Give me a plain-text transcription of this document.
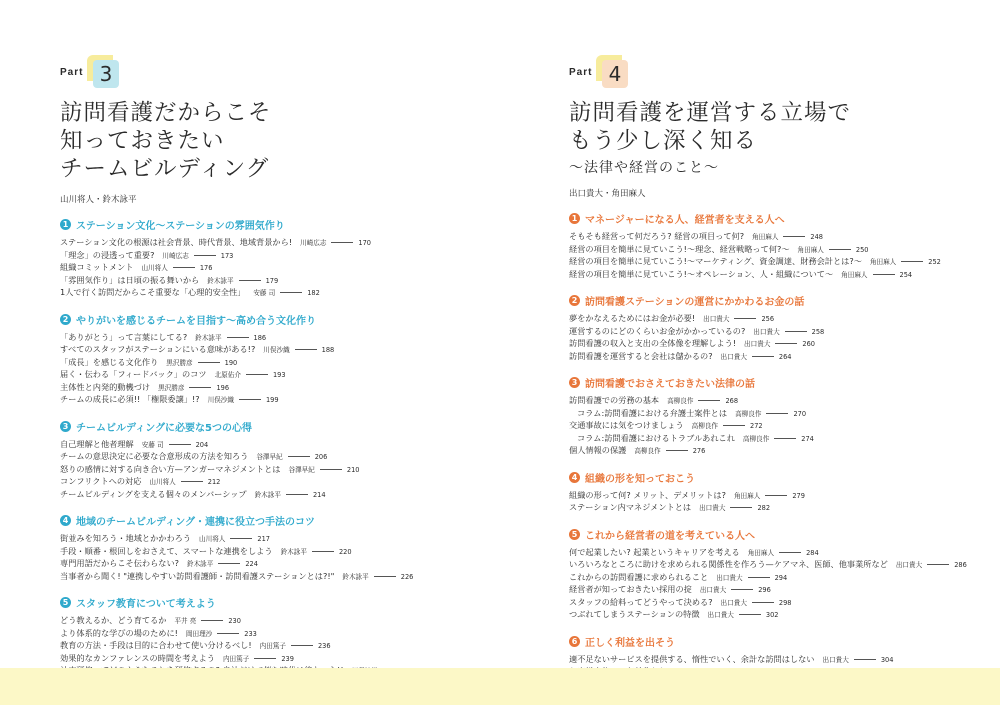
Part 3
訪問看護だからこそ
知っておきたい
チームビルディング
山川将人・鈴木詠平
1 ステーション文化〜ステーションの雰囲気作り
ステーション文化の根源は社会背景、時代背景、地域背景から! 川崎広志	170
「理念」の浸透って重要? 川崎広志	173
組織コミットメント 山川将人	176
「雰囲気作り」は日頃の振る舞いから 鈴木詠平	179
1人で行く訪問だからこそ重要な「心理的安全性」 安藤 司	182
2 やりがいを感じるチームを目指す〜高め合う文化作り
「ありがとう」って言葉にしてる? 鈴木詠平	186
すべてのスタッフがステーションにいる意味がある!? 川俣沙織	188
「成長」を感じる文化作り 黒沢勝彦	190
届く・伝わる「フィードバック」のコツ 北原佑介	193
主体性と内発的動機づけ 黒沢勝彦	196
チームの成長に必須!! 「権限委譲」!? 川俣沙織	199
3 チームビルディングに必要な5つの心得
自己理解と他者理解 安藤 司	204
チームの意思決定に必要な合意形成の方法を知ろう 谷澤早紀	206
怒りの感情に対する向き合い方—アンガーマネジメントとは 谷澤早紀	210
コンフリクトへの対応 山川将人	212
チームビルディングを支える個々のメンバーシップ 鈴木詠平	214
4 地域のチームビルディング・連携に役立つ手法のコツ
街並みを知ろう・地域とかかわろう 山川将人	217
手段・順番・根回しをおさえて、スマートな連携をしよう 鈴木詠平	220
専門用語だからこそ伝わらない? 鈴木詠平	224
当事者から聞く! "連携しやすい訪問看護師・訪問看護ステーションとは?!" 鈴木詠平	226
5 スタッフ教育について考えよう
どう教えるか、どう育てるか 平井 亮	230
より体系的な学びの場のために! 岡田理沙	233
教育の方法・手段は目的に合わせて使い分けるべし! 内田篤子	236
効果的なカンファレンスの時間を考えよう 内田篤子	239
Part 4
訪問看護を運営する立場で
もう少し深く知る
〜法律や経営のこと〜
出口貴大・角田麻人
1 マネージャーになる人、経営者を支える人へ
そもそも経営って何だろう? 経営の項目って何? 角田麻人	248
経営の項目を簡単に見ていこう!〜理念、経営戦略って何?〜 角田麻人	250
経営の項目を簡単に見ていこう!〜マーケティング、資金調達、財務会計とは?〜 角田麻人	252
経営の項目を簡単に見ていこう!〜オペレーション、人・組織について〜 角田麻人	254
2 訪問看護ステーションの運営にかかわるお金の話
夢をかなえるためにはお金が必要! 出口貴大	256
運営するのにどのくらいお金がかかっているの? 出口貴大	258
訪問看護の収入と支出の全体像を理解しよう! 出口貴大	260
訪問看護を運営すると会社は儲かるの? 出口貴大	264
3 訪問看護でおさえておきたい法律の話
訪問看護での労務の基本 高柳良作	268
コラム:訪問看護における弁護士案件とは 高柳良作	270
交通事故には気をつけましょう 高柳良作	272
コラム:訪問看護におけるトラブルあれこれ 高柳良作	274
個人情報の保護 高柳良作	276
4 組織の形を知っておこう
組織の形って何? メリット、デメリットは? 角田麻人	279
ステーション内マネジメントとは 出口貴大	282
5 これから経営者の道を考えている人へ
何で起業したい? 起業というキャリアを考える 角田麻人	284
いろいろなところに助けを求められる関係性を作ろう—ケアマネ、医師、他事業所など 出口貴大	286
これからの訪問看護に求められること 出口貴大	294
経営者が知っておきたい採用の掟 出口貴大	296
スタッフの給料ってどうやって決める? 出口貴大	298
つぶれてしまうステーションの特徴 出口貴大	302
6 正しく利益を出そう
適不足ないサービスを提供する、惰性でいく、余計な訪問はしない 出口貴大	304
